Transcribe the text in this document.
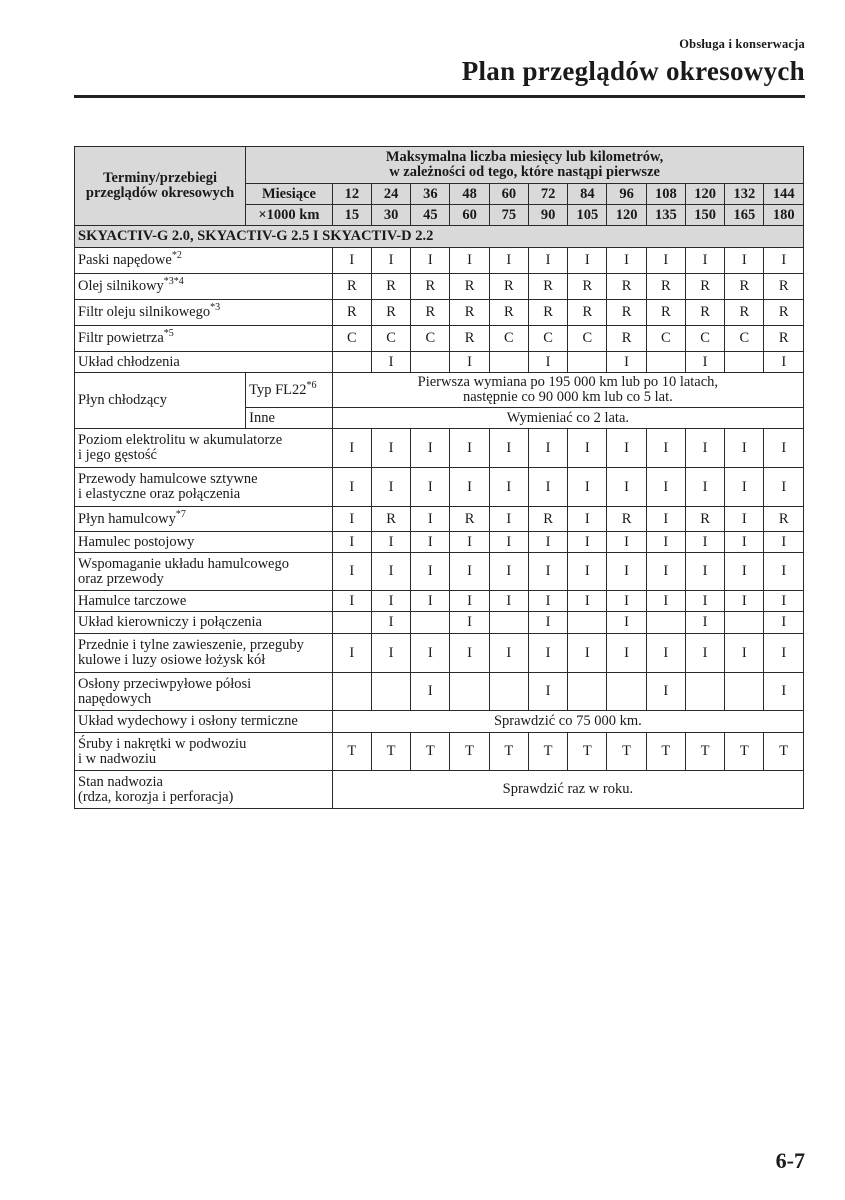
Obsługa i konserwacja
Plan przeglądów okresowych
Terminy/przebiegi przeglądów okresowych	Maksymalna liczba miesięcy lub kilometrów,
w zależności od tego, które nastąpi pierwsze												

	Miesiące	12	24	36	48	60	72	84	96	108	120	132	144
	×1000 km	15	30	45	60	75	90	105	120	135	150	165	180
SKYACTIV-G 2.0, SKYACTIV-G 2.5 I SKYACTIV-D 2.2													
Paski napędowe$^{*2}$		I	I	I	I	I	I	I	I	I	I	I	I
Olej silnikowy$^{*3*4}$		R	R	R	R	R	R	R	R	R	R	R	R
Filtr oleju silnikowego$^{*3}$		R	R	R	R	R	R	R	R	R	R	R	R
Filtr powietrza$^{*5}$		C	C	C	R	C	C	C	R	C	C	C	R
Układ chłodzenia			I		I		I		I		I		I
Płyn chłodzący	Typ FL22$^{*6}$	Pierwsza wymiana po 195 000 km lub po 10 latach,
następnie co 90 000 km lub co 5 lat.											

	Inne	Wymieniać co 2 lata.											
Poziom elektrolitu w akumulatorze
i jego gęstość		I	I	I	I	I	I	I	I	I	I	I	I
Przewody hamulcowe sztywne
i elastyczne oraz połączenia		I	I	I	I	I	I	I	I	I	I	I	I
Płyn hamulcowy$^{*7}$		I	R	I	R	I	R	I	R	I	R	I	R
Hamulec postojowy		I	I	I	I	I	I	I	I	I	I	I	I
Wspomaganie układu hamulcowego
oraz przewody		I	I	I	I	I	I	I	I	I	I	I	I
Hamulce tarczowe		I	I	I	I	I	I	I	I	I	I	I	I
Układ kierowniczy i połączenia			I		I		I		I		I		I
Przednie i tylne zawieszenie, przeguby
kulowe i luzy osiowe łożysk kół		I	I	I	I	I	I	I	I	I	I	I	I
Osłony przeciwpyłowe półosi
napędowych				I			I			I			I
Układ wydechowy i osłony termiczne		Sprawdzić co 75 000 km.											
Śruby i nakrętki w podwoziu
i w nadwoziu		T	T	T	T	T	T	T	T	T	T	T	T
Stan nadwozia
(rdza, korozja i perforacja)		Sprawdzić raz w roku.											
6-7
